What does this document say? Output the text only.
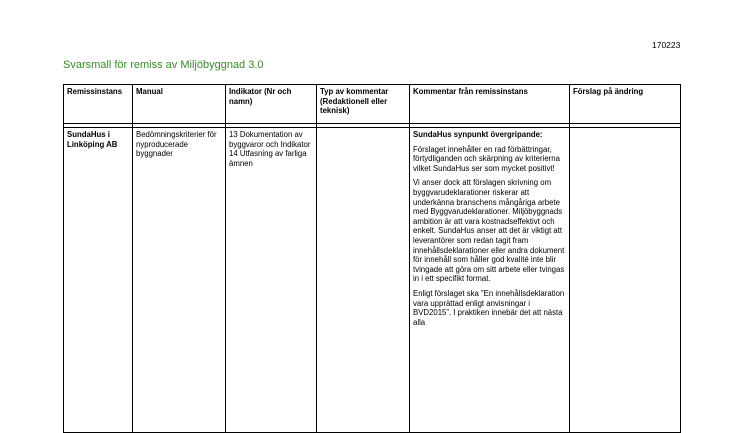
170223
Svarsmall för remiss av Miljöbyggnad 3.0
Remissinstans	Manual	Indikator (Nr och namn)	Typ av kommentar (Redaktionell eller teknisk)	Kommentar från remissinstans	Förslag på ändring

SundaHus i Linköping AB	Bedömningskriterier för nyproducerade byggnader	13 Dokumentation av byggvaror och Indikator 14 Utfasning av farliga ämnen		SundaHus synpunkt övergripande:

Förslaget innehåller en rad förbättringar, förtydliganden och skärpning av kriterierna vilket SundaHus ser som mycket positivt!

Vi anser dock att förslagen skrivning om byggvarudeklarationer riskerar att underkänna branschens mångåriga arbete med Byggvarudeklarationer. Miljöbyggnads ambition är att vara kostnadseffektivt och enkelt. SundaHus anser att det är viktigt att leverantörer som redan tagit fram innehållsdeklarationer eller andra dokument för innehåll som håller god kvalité inte blir tvingade att göra om sitt arbete eller tvingas in i ett specifikt format.

Enligt förslaget ska ”En innehållsdeklaration vara upprättad enligt anvisningar i BVD2015”. I praktiken innebär det att nästa alla	
